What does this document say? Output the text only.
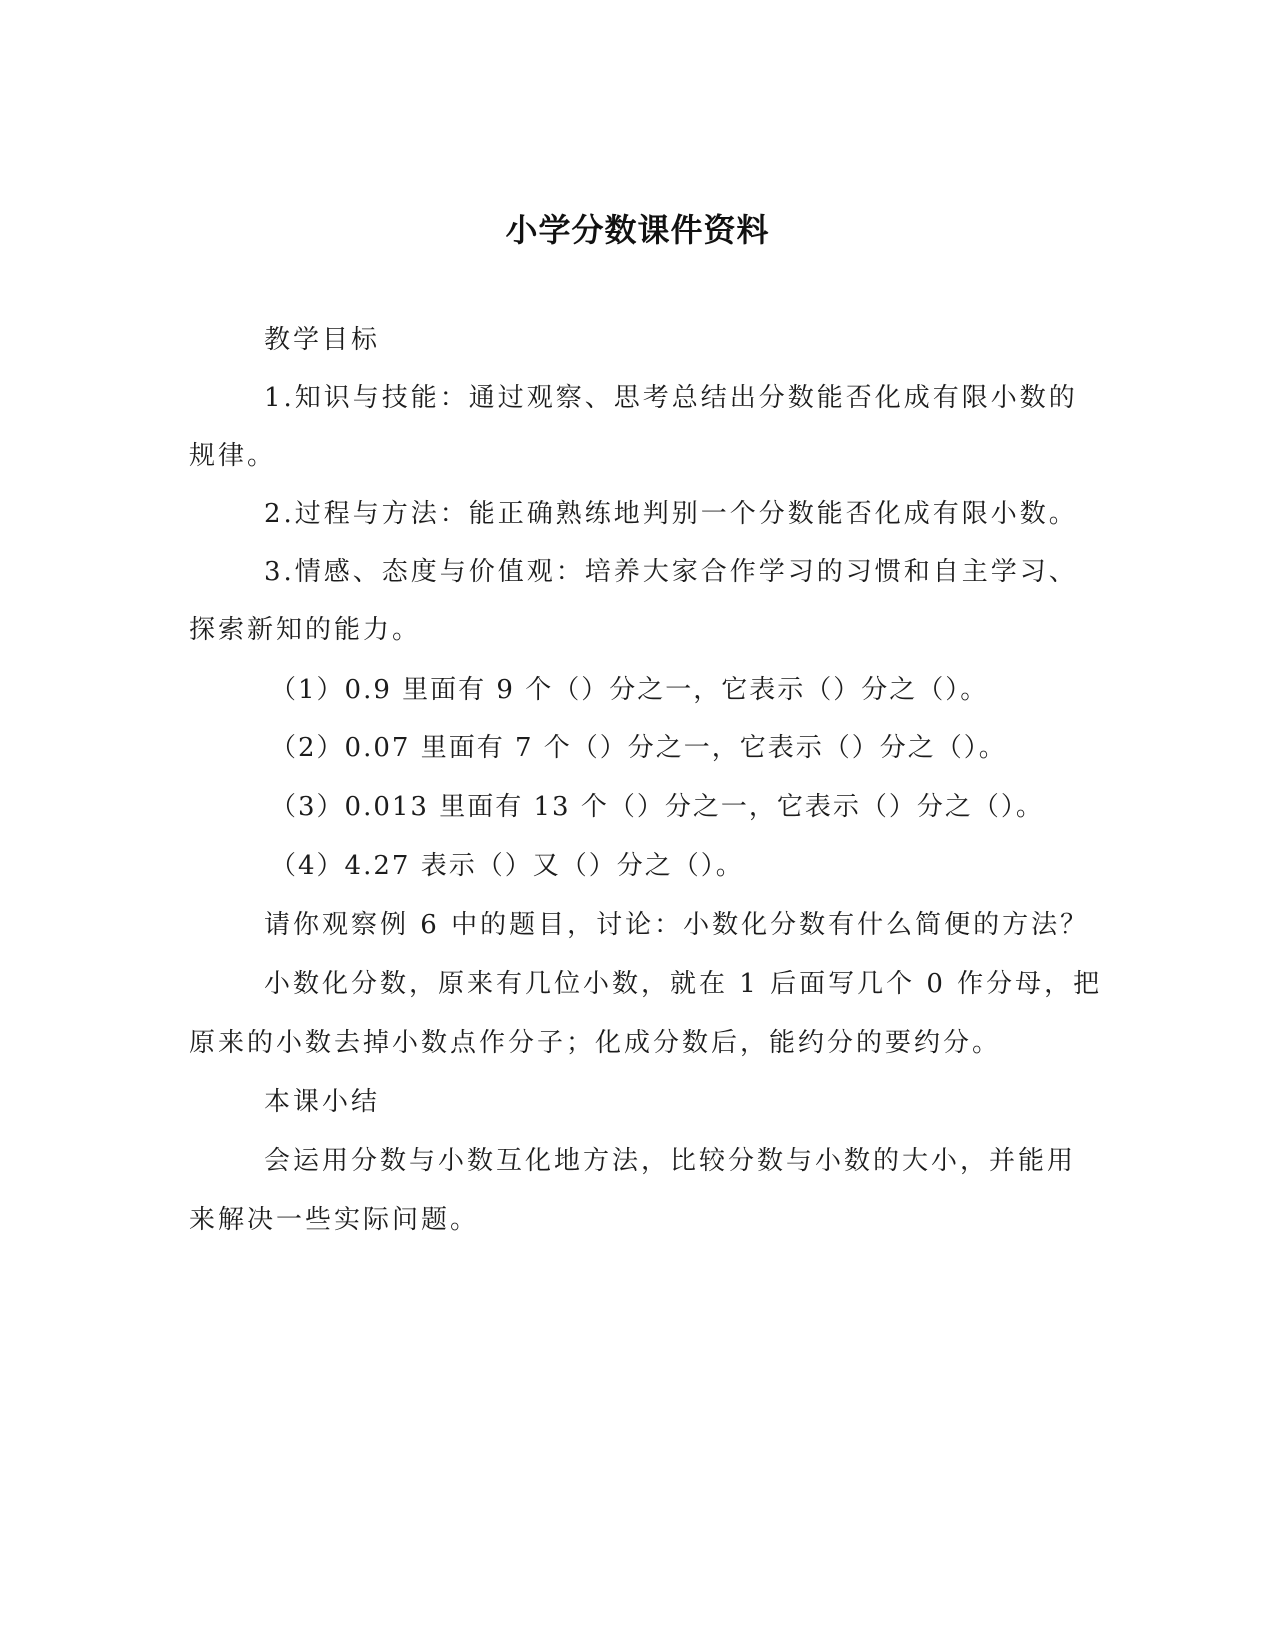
小学分数课件资料
教学目标
1.知识与技能：通过观察、思考总结出分数能否化成有限小数的
规律。
2.过程与方法：能正确熟练地判别一个分数能否化成有限小数。
3.情感、态度与价值观：培养大家合作学习的习惯和自主学习、
探索新知的能力。
（1）0.9 里面有 9 个（）分之一，它表示（）分之（）。
（2）0.07 里面有 7 个（）分之一，它表示（）分之（）。
（3）0.013 里面有 13 个（）分之一，它表示（）分之（）。
（4）4.27 表示（）又（）分之（）。
请你观察例 6 中的题目，讨论：小数化分数有什么简便的方法？
小数化分数，原来有几位小数，就在 1 后面写几个 0 作分母，把
原来的小数去掉小数点作分子；化成分数后，能约分的要约分。
本课小结
会运用分数与小数互化地方法，比较分数与小数的大小，并能用
来解决一些实际问题。
